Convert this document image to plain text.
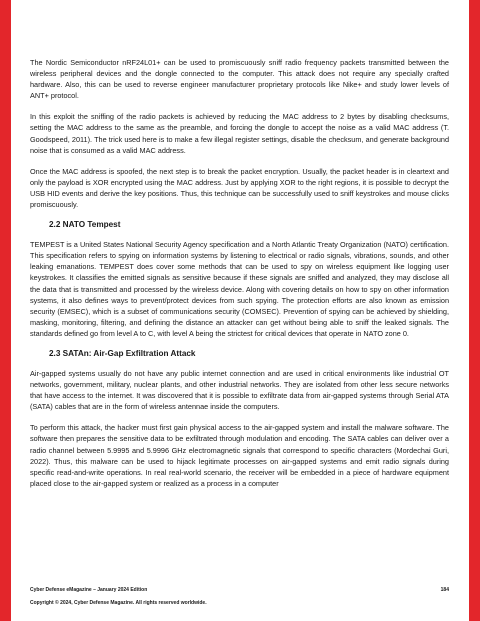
The Nordic Semiconductor nRF24L01+ can be used to promiscuously sniff radio frequency packets transmitted between the wireless peripheral devices and the dongle connected to the computer. This attack does not require any specially crafted hardware. Also, this can be used to reverse engineer manufacturer proprietary protocols like Nike+ and study lower levels of ANT+ protocol.

In this exploit the sniffing of the radio packets is achieved by reducing the MAC address to 2 bytes by disabling checksums, setting the MAC address to the same as the preamble, and forcing the dongle to accept the noise as a valid MAC address (T. Goodspeed, 2011). The trick used here is to make a few illegal register settings, disable the checksum, and generate background noise that is consumed as a valid MAC address.

Once the MAC address is spoofed, the next step is to break the packet encryption. Usually, the packet header is in cleartext and only the payload is XOR encrypted using the MAC address. Just by applying XOR to the right regions, it is possible to decrypt the USB HID events and derive the key positions. Thus, this technique can be successfully used to sniff keystrokes and mouse clicks promiscuously.

2.2 NATO Tempest

TEMPEST is a United States National Security Agency specification and a North Atlantic Treaty Organization (NATO) certification. This specification refers to spying on information systems by listening to electrical or radio signals, vibrations, sounds, and other leaking emanations. TEMPEST does cover some methods that can be used to spy on wireless equipment like logging user keystrokes. It classifies the emitted signals as sensitive because if these signals are sniffed and analyzed, they may disclose all the data that is transmitted and processed by the wireless device. Along with covering details on how to spy on other information systems, it also defines ways to prevent/protect devices from such spying. The protection efforts are also known as emission security (EMSEC), which is a subset of communications security (COMSEC). Prevention of spying can be achieved by shielding, masking, monitoring, filtering, and defining the distance an attacker can get without being able to sniff the leaked signals. The standards defined go from level A to C, with level A being the strictest for critical devices that operate in NATO zone 0.

2.3 SATAn: Air-Gap Exfiltration Attack

Air-gapped systems usually do not have any public internet connection and are used in critical environments like industrial OT networks, government, military, nuclear plants, and other industrial networks. They are isolated from other less secure networks that have access to the internet. It was discovered that it is possible to exfiltrate data from air-gapped systems through Serial ATA (SATA) cables that are in the form of wireless antennae inside the computers.

To perform this attack, the hacker must first gain physical access to the air-gapped system and install the malware software. The software then prepares the sensitive data to be exfiltrated through modulation and encoding. The SATA cables can deliver over a radio channel between 5.9995 and 5.9996 GHz electromagnetic signals that correspond to specific characters (Mordechai Guri, 2022). Thus, this malware can be used to hijack legitimate processes on air-gapped systems and emit radio signals during specific read-and-write operations. In real real-world scenario, the receiver will be embedded in a piece of hardware equipment placed close to the air-gapped system or realized as a process in a computer

Cyber Defense eMagazine – January 2024 Edition	184
Copyright © 2024, Cyber Defense Magazine. All rights reserved worldwide.
